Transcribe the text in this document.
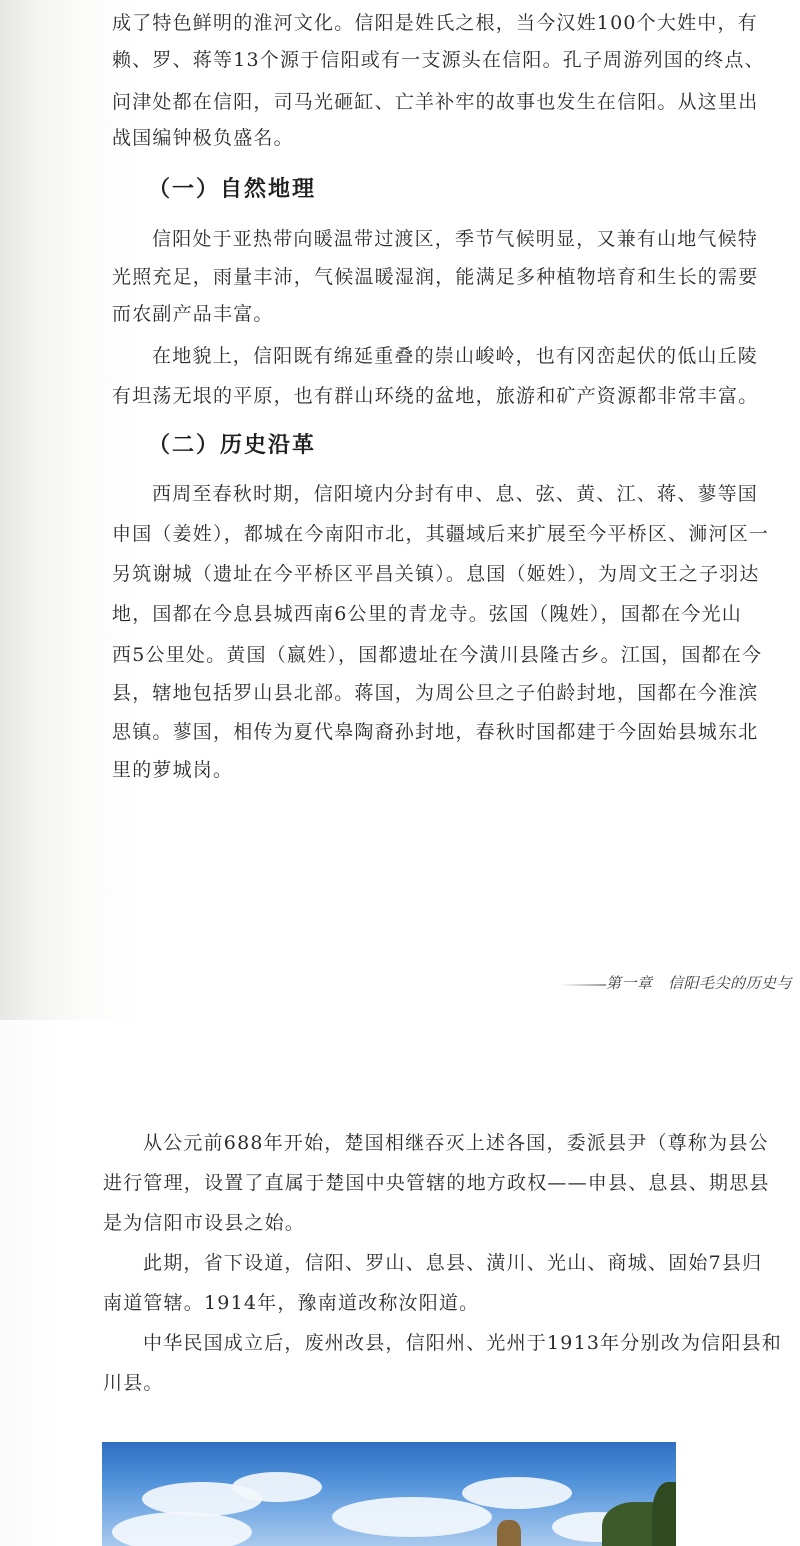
成了特色鲜明的淮河文化。信阳是姓氏之根，当今汉姓100个大姓中，有
赖、罗、蒋等13个源于信阳或有一支源头在信阳。孔子周游列国的终点、
问津处都在信阳，司马光砸缸、亡羊补牢的故事也发生在信阳。从这里出
战国编钟极负盛名。
（一）自然地理
信阳处于亚热带向暖温带过渡区，季节气候明显，又兼有山地气候特
光照充足，雨量丰沛，气候温暖湿润，能满足多种植物培育和生长的需要
而农副产品丰富。
在地貌上，信阳既有绵延重叠的崇山峻岭，也有冈峦起伏的低山丘陵
有坦荡无垠的平原，也有群山环绕的盆地，旅游和矿产资源都非常丰富。
（二）历史沿革
西周至春秋时期，信阳境内分封有申、息、弦、黄、江、蒋、蓼等国
申国（姜姓），都城在今南阳市北，其疆域后来扩展至今平桥区、浉河区一
另筑谢城（遗址在今平桥区平昌关镇）。息国（姬姓），为周文王之子羽达
地，国都在今息县城西南6公里的青龙寺。弦国（隗姓），国都在今光山
西5公里处。黄国（嬴姓），国都遗址在今潢川县隆古乡。江国，国都在今
县，辖地包括罗山县北部。蒋国，为周公旦之子伯龄封地，国都在今淮滨
思镇。蓼国，相传为夏代皋陶裔孙封地，春秋时国都建于今固始县城东北
里的萝城岗。
第一章　信阳毛尖的历史与
从公元前688年开始，楚国相继吞灭上述各国，委派县尹（尊称为县公
进行管理，设置了直属于楚国中央管辖的地方政权——申县、息县、期思县
是为信阳市设县之始。
此期，省下设道，信阳、罗山、息县、潢川、光山、商城、固始7县归
南道管辖。1914年，豫南道改称汝阳道。
中华民国成立后，废州改县，信阳州、光州于1913年分别改为信阳县和
川县。
